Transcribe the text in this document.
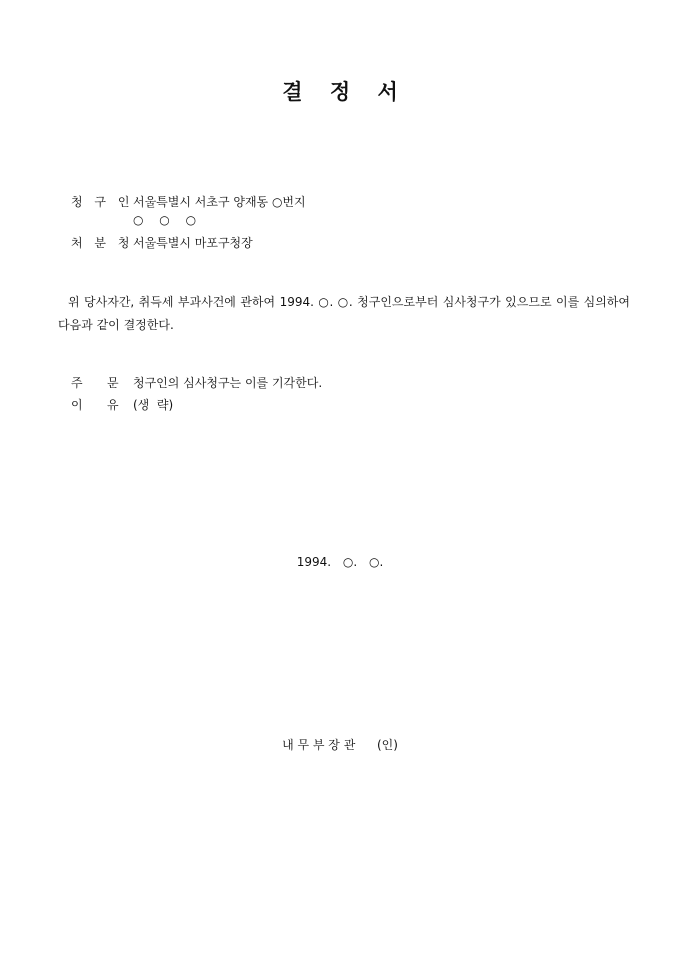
결 정 서
청 구 인 서울특별시 서초구 양재동 ○번지
○ ○ ○
처 분 청 서울특별시 마포구청장
위 당사자간, 취득세 부과사건에 관하여 1994. ○. ○. 청구인으로부터 심사청구가 있으므로 이를 심의하여 다음과 같이 결정한다.
주 문 청구인의 심사청구는 이를 기각한다.
이 유 (생  략)
1994. ○. ○.
내 무 부 장 관 (인)
